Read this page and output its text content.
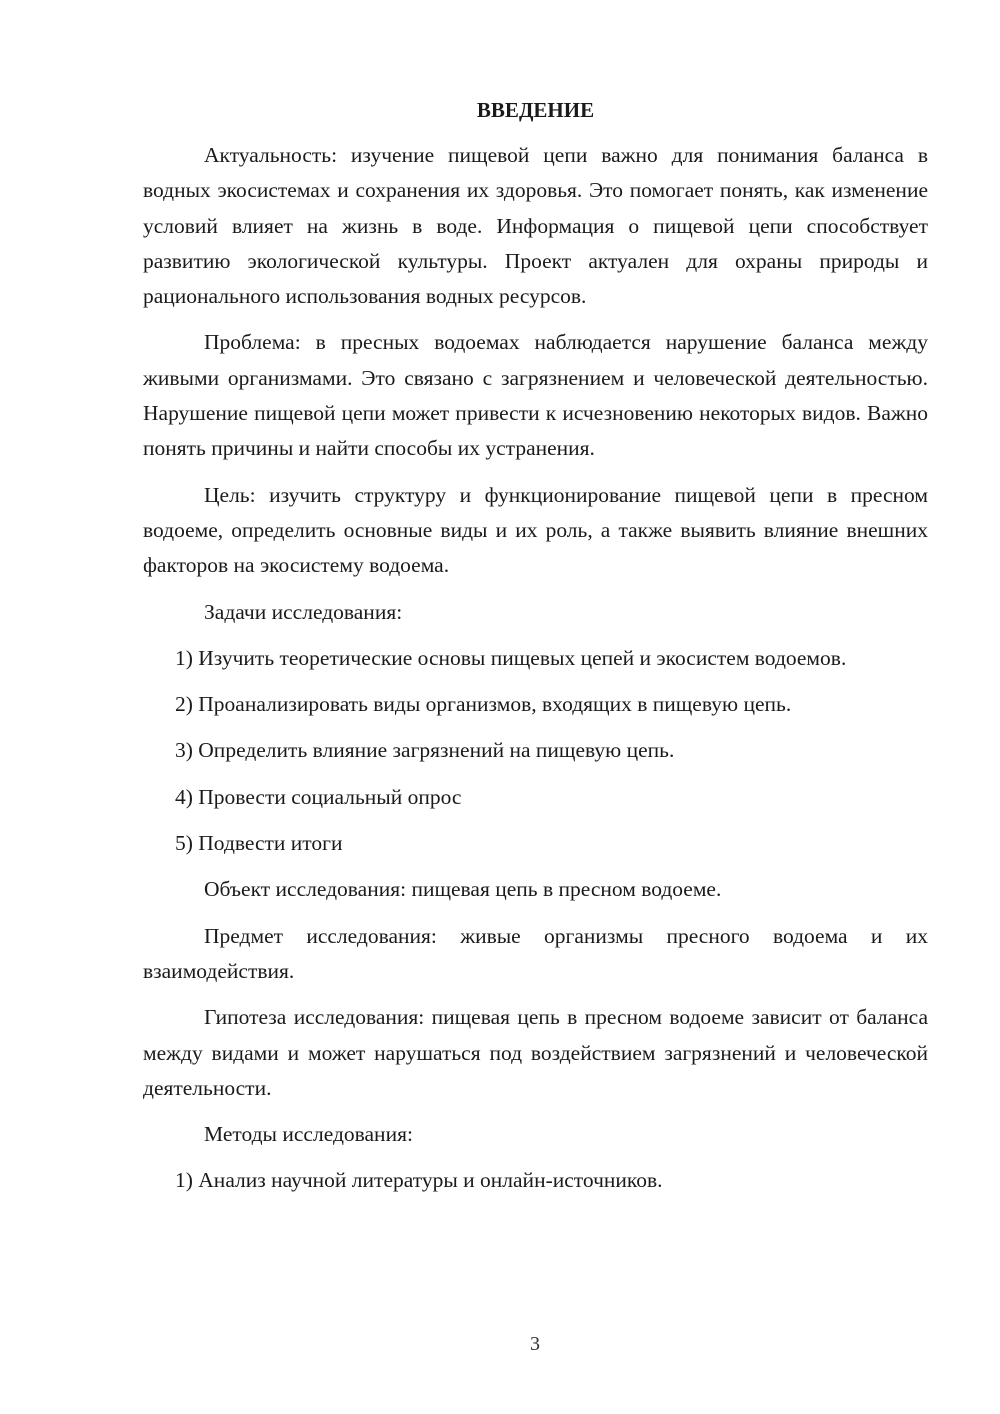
ВВЕДЕНИЕ

Актуальность: изучение пищевой цепи важно для понимания баланса в водных экосистемах и сохранения их здоровья. Это помогает понять, как изменение условий влияет на жизнь в воде. Информация о пищевой цепи способствует развитию экологической культуры. Проект актуален для охраны природы и рационального использования водных ресурсов.

Проблема: в пресных водоемах наблюдается нарушение баланса между живыми организмами. Это связано с загрязнением и человеческой деятельностью. Нарушение пищевой цепи может привести к исчезновению некоторых видов. Важно понять причины и найти способы их устранения.

Цель: изучить структуру и функционирование пищевой цепи в пресном водоеме, определить основные виды и их роль, а также выявить влияние внешних факторов на экосистему водоема.

Задачи исследования:

1) Изучить теоретические основы пищевых цепей и экосистем водоемов.

2) Проанализировать виды организмов, входящих в пищевую цепь.

3) Определить влияние загрязнений на пищевую цепь.

4) Провести социальный опрос

5) Подвести итоги

Объект исследования: пищевая цепь в пресном водоеме.

Предмет исследования: живые организмы пресного водоема и их взаимодействия.

Гипотеза исследования: пищевая цепь в пресном водоеме зависит от баланса между видами и может нарушаться под воздействием загрязнений и человеческой деятельности.

Методы исследования:

1) Анализ научной литературы и онлайн-источников.

3
